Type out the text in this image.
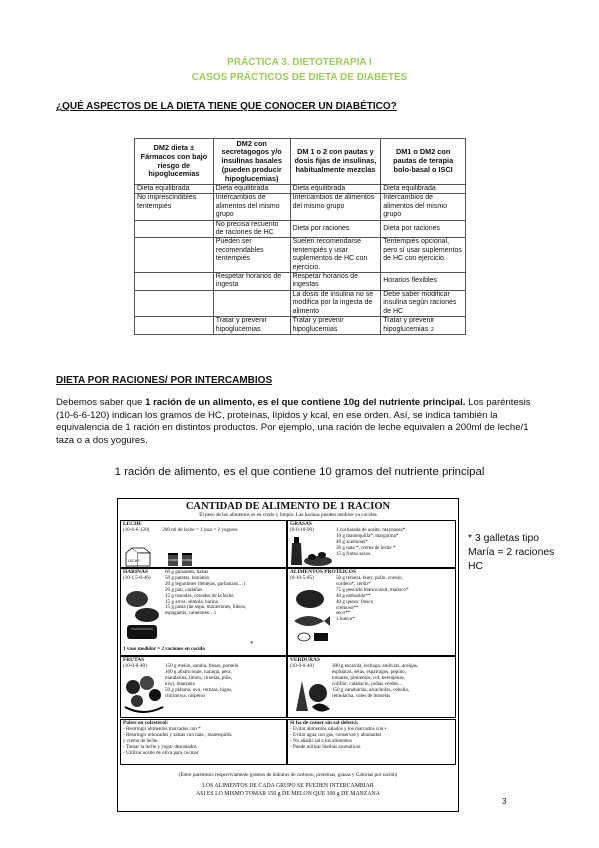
PRÁCTICA 3. DIETOTERAPIA I
CASOS PRÁCTICOS DE DIETA DE DIABETES
¿QUÉ ASPECTOS DE LA DIETA TIENE QUE CONOCER UN DIABÉTICO?
DM2 dieta ± Fármacos con bajo riesgo de hipoglucemias	DM2 con secretagogos y/o insulinas basales (pueden producir hipoglucemias)	DM 1 o 2 con pautas y dosis fijas de insulinas, habitualmente mezclas	DM1 o DM2 con pautas de terapia bolo-basal o ISCI
Dieta equilibrada	Dieta equilibrada	Dieta equilibrada	Dieta equilibrada
No imprescindibles tentempiés	Intercambios de alimentos del mismo grupo	Intercambios de alimentos del mismo grupo	Intercambios de alimentos del mismo grupo
	No precisa recuento de raciones de HC	Dieta por raciones	Dieta por raciones
	Pueden ser recomendables tentempiés	Suelen recomendarse tentempiés y usar suplementos de HC con ejercicio.	Tentempiés opcional, pero sí usar suplementos de HC con ejercicio.
	Respetar horarios de ingesta	Respetar horarios de ingestas	Horarios flexibles
		La dosis de insulina no se modifica por la ingesta de alimento	Debe saber modificar insulina según raciones de HC
	Tratar y prevenir hipoglucemias	Tratar y prevenir hipoglucemias	Tratar y prevenir hipoglucemias 2
DIETA POR RACIONES/ POR INTERCAMBIOS
Debemos saber que 1 ración de un alimento, es el que contiene 10g del nutriente principal. Los paréntesis (10-6-6-120) indican los gramos de HC, proteínas, lípidos y kcal, en ese orden. Así, se indica también la equivalencia de 1 ración en distintos productos. Por ejemplo, una ración de leche equivalen a 200ml de leche/1 taza o a dos yogures.
1 ración de alimento, es el que contiene 10 gramos del nutriente principal
* 3 galletas tipo María = 2 raciones HC
CANTIDAD DE ALIMENTO DE 1 RACION
El peso de los alimentos es en crudo y limpio. Las harinas pueden medirse ya cocidas
LECHE
(10-6-6-120)	200 ml de leche = 1 taza = 2 yogures
LECHE	NATURAL	NATURAL
GRASAS
(0-0-10-90)	1 cucharada de aceite, mayonesa*
10 g mantequilla*, margarina*
40 g aceitunas*
30 g nata *, crema de leche *
15 g frutos secos
HARINAS
(10-1,5-0-46)
60 g guisantes, habas
50 g patatas, boniatos
20 g legumbres (lentejas, garbanzos…)
20 g pan, castañas
15 g tostadas, cereales de la leche
15 g arroz, sémola, harina
15 g pasta (de sopa, macarrones, fideos,
espaguetis, canelones…)
1 vaso medidor = 2 raciones en cocido
*
ALIMENTOS PROTEICOS
(0-10-5-85)	50 g ternera, buey, pollo, conejo,
cordero*, cerdo*
75 g pescado blanco/azul, marisco*
40 g embutido**
40 g queso: fresco
cremoso**
seco**
1 huevo*
FRUTAS
(10-0-0-40)	150 g melón, sandía, fresas, pomelo
100 g albaricoque, naranja, pera,
mandarina, limón, ciruelas, piña,
kiwi, manzana
50 g plátano, uva, cerezas, higos,
chirimoya, nísperos
VERDURAS
(10-0-0-40)	300 g escarola, lechuga, endivias, acelgas,
espinacas, setas, espárragos, pepino,
tomates, pimientos, col, berenjenas,
coliflor, calabacín, judías verdes…
150 g zanahorias, alcachofas, cebolla,
remolacha, coles de bruselas
Pobre en colesterol:
- Restringir alimentos marcados con *
- Restringir rebozados y salsas con nata , mantequilla
y crema de leche.
- Tomar la leche y yogur desnatados
- Utilizar aceite de oliva para cocinar
Si ha de comer sin sal deberá:
- Evitar alimentos salados y los marcados con •
- Evitar agua con gas, conservas y ahumados
- No añadir sal a los alimentos
- Puede utilizar hierbas aromáticas
(Entre paréntesis respectivamente gramos de hidratos de carbono, proteínas, grasas y Calorías por ración)
LOS ALIMENTOS DE CADA GRUPO SE PUEDEN INTERCAMBIAR
ASI ES LO MISMO TOMAR 150 g DE MELON QUE 100 g DE MANZANA
3
